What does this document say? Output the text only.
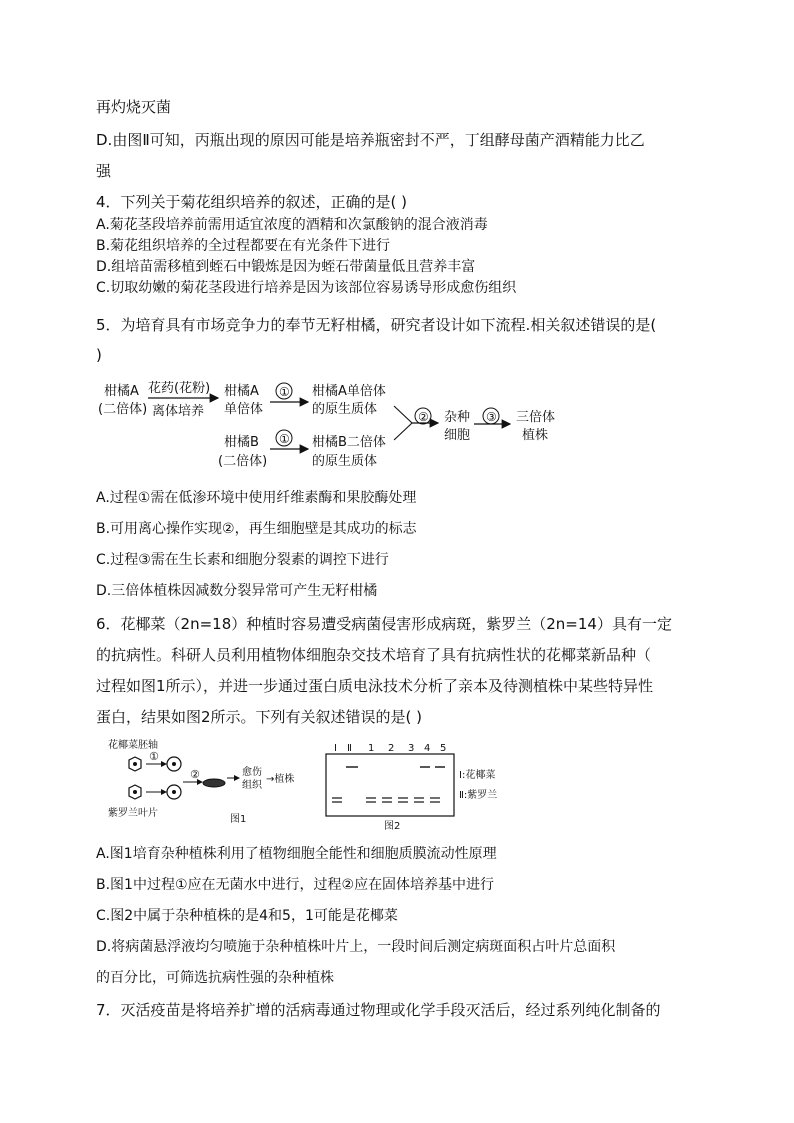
再灼烧灭菌
D.由图Ⅱ可知，丙瓶出现的原因可能是培养瓶密封不严，丁组酵母菌产酒精能力比乙
强
4．下列关于菊花组织培养的叙述，正确的是( )
A.菊花茎段培养前需用适宜浓度的酒精和次氯酸钠的混合液消毒
B.菊花组织培养的全过程都要在有光条件下进行
D.组培苗需移植到蛭石中锻炼是因为蛭石带菌量低且营养丰富
C.切取幼嫩的菊花茎段进行培养是因为该部位容易诱导形成愈伤组织
5．为培育具有市场竞争力的奉节无籽柑橘，研究者设计如下流程.相关叙述错误的是(
)
柑橘A
(二倍体)
花药(花粉)
离体培养
柑橘A
单倍体
① 柑橘A单倍体
的原生质体
柑橘B
(二倍体)
① 柑橘B二倍体
的原生质体
② 杂种
细胞
③ 三倍体
植株
A.过程①需在低渗环境中使用纤维素酶和果胶酶处理
B.可用离心操作实现②，再生细胞壁是其成功的标志
C.过程③需在生长素和细胞分裂素的调控下进行
D.三倍体植株因减数分裂异常可产生无籽柑橘
6．花椰菜（2n=18）种植时容易遭受病菌侵害形成病斑，紫罗兰（2n=14）具有一定
的抗病性。科研人员利用植物体细胞杂交技术培育了具有抗病性状的花椰菜新品种（
过程如图1所示），并进一步通过蛋白质电泳技术分析了亲本及待测植株中某些特异性
蛋白，结果如图2所示。下列有关叙述错误的是( )
花椰菜胚轴
①
②	愈伤
组织
→植株
紫罗兰叶片
图1
Ⅰ Ⅱ 1 2 3 4 5
Ⅰ:花椰菜
Ⅱ:紫罗兰
图2
A.图1培育杂种植株利用了植物细胞全能性和细胞质膜流动性原理
B.图1中过程①应在无菌水中进行，过程②应在固体培养基中进行
C.图2中属于杂种植株的是4和5，1可能是花椰菜
D.将病菌悬浮液均匀喷施于杂种植株叶片上，一段时间后测定病斑面积占叶片总面积
的百分比，可筛选抗病性强的杂种植株
7．灭活疫苗是将培养扩增的活病毒通过物理或化学手段灭活后，经过系列纯化制备的
